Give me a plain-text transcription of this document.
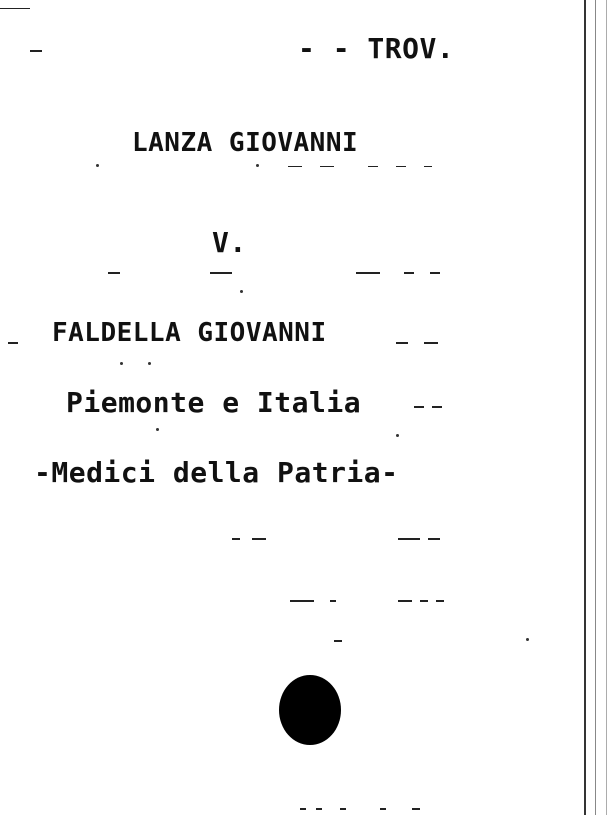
- - TROV.
LANZA GIOVANNI
V.
FALDELLA GIOVANNI
Piemonte e Italia
-Medici della Patria-
